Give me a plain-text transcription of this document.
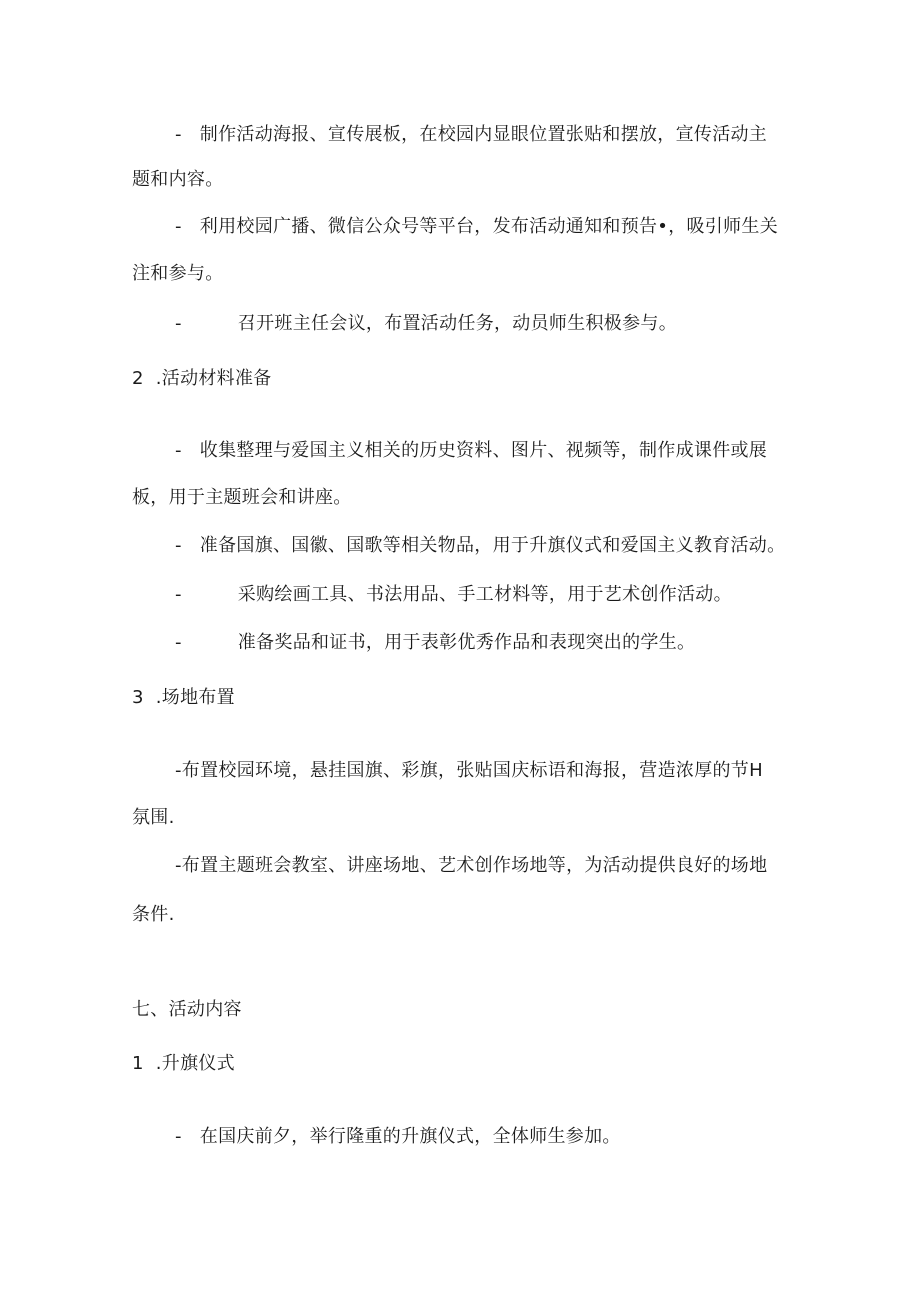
- 制作活动海报、宣传展板，在校园内显眼位置张贴和摆放，宣传活动主
题和内容。
- 利用校园广播、微信公众号等平台，发布活动通知和预告•，吸引师生关
注和参与。
-	召开班主任会议，布置活动任务，动员师生积极参与。
2 .活动材料准备
- 收集整理与爱国主义相关的历史资料、图片、视频等，制作成课件或展
板，用于主题班会和讲座。
- 准备国旗、国徽、国歌等相关物品，用于升旗仪式和爱国主义教育活动。
-	采购绘画工具、书法用品、手工材料等，用于艺术创作活动。
-	准备奖品和证书，用于表彰优秀作品和表现突出的学生。
3 .场地布置
-布置校园环境，悬挂国旗、彩旗，张贴国庆标语和海报，营造浓厚的节H
氛围.
-布置主题班会教室、讲座场地、艺术创作场地等，为活动提供良好的场地
条件.
七、活动内容
1 .升旗仪式
- 在国庆前夕，举行隆重的升旗仪式，全体师生参加。
